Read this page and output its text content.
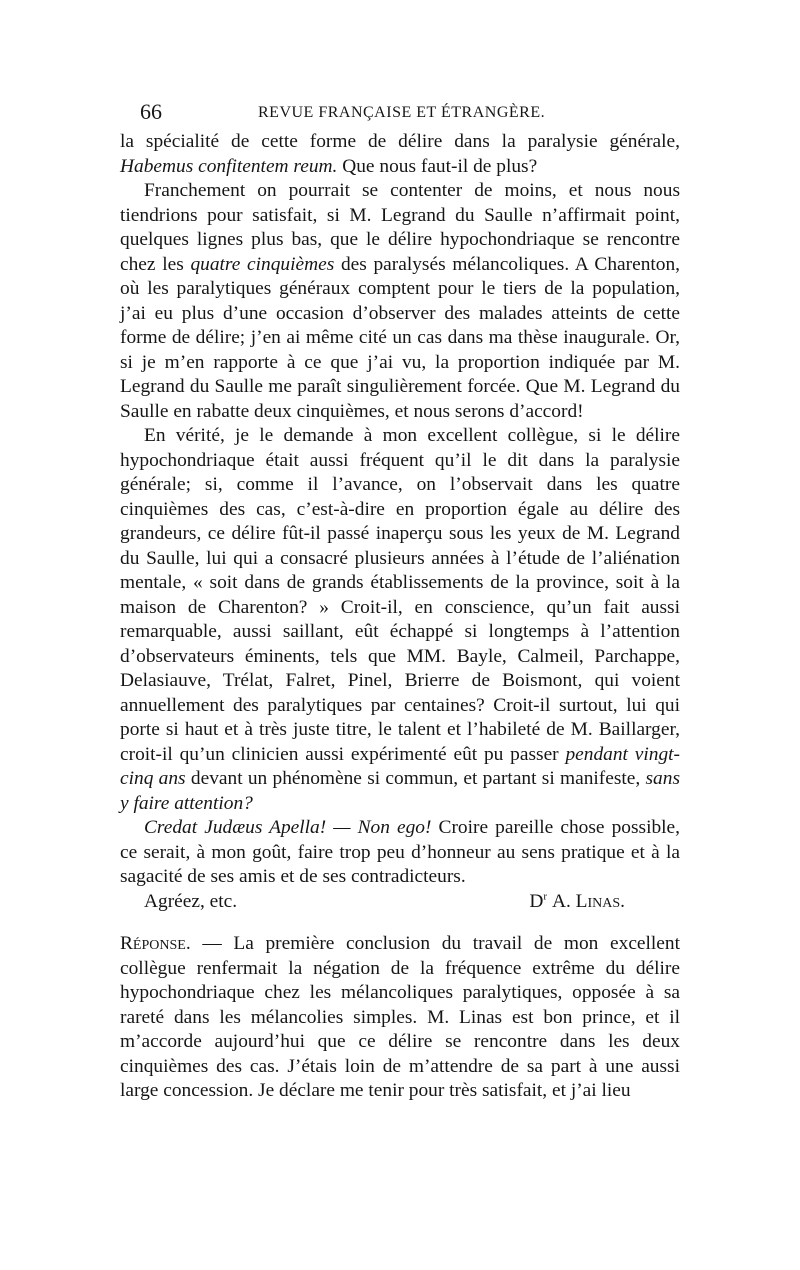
66	REVUE FRANÇAISE ET ÉTRANGÈRE.

la spécialité de cette forme de délire dans la paralysie générale, Habemus confitentem reum. Que nous faut-il de plus?

Franchement on pourrait se contenter de moins, et nous nous tiendrions pour satisfait, si M. Legrand du Saulle n’affirmait point, quelques lignes plus bas, que le délire hypochondriaque se rencontre chez les quatre cinquièmes des paralysés mélancoliques. A Charenton, où les paralytiques généraux comptent pour le tiers de la population, j’ai eu plus d’une occasion d’observer des malades atteints de cette forme de délire; j’en ai même cité un cas dans ma thèse inaugurale. Or, si je m’en rapporte à ce que j’ai vu, la proportion indiquée par M. Legrand du Saulle me paraît singulièrement forcée. Que M. Legrand du Saulle en rabatte deux cinquièmes, et nous serons d’accord!

En vérité, je le demande à mon excellent collègue, si le délire hypochondriaque était aussi fréquent qu’il le dit dans la paralysie générale; si, comme il l’avance, on l’observait dans les quatre cinquièmes des cas, c’est-à-dire en proportion égale au délire des grandeurs, ce délire fût-il passé inaperçu sous les yeux de M. Legrand du Saulle, lui qui a consacré plusieurs années à l’étude de l’aliénation mentale, « soit dans de grands établissements de la province, soit à la maison de Charenton? » Croit-il, en conscience, qu’un fait aussi remarquable, aussi saillant, eût échappé si longtemps à l’attention d’observateurs éminents, tels que MM. Bayle, Calmeil, Parchappe, Delasiauve, Trélat, Falret, Pinel, Brierre de Boismont, qui voient annuellement des paralytiques par centaines? Croit-il surtout, lui qui porte si haut et à très juste titre, le talent et l’habileté de M. Baillarger, croit-il qu’un clinicien aussi expérimenté eût pu passer pendant vingt-cinq ans devant un phénomène si commun, et partant si manifeste, sans y faire attention?

Credat Judæus Apella! — Non ego! Croire pareille chose possible, ce serait, à mon goût, faire trop peu d’honneur au sens pratique et à la sagacité de ses amis et de ses contradicteurs.

Agréez, etc.	$D^r$ A. Linas.

Réponse. — La première conclusion du travail de mon excellent collègue renfermait la négation de la fréquence extrême du délire hypochondriaque chez les mélancoliques paralytiques, opposée à sa rareté dans les mélancolies simples. M. Linas est bon prince, et il m’accorde aujourd’hui que ce délire se rencontre dans les deux cinquièmes des cas. J’étais loin de m’attendre de sa part à une aussi large concession. Je déclare me tenir pour très satisfait, et j’ai lieu
